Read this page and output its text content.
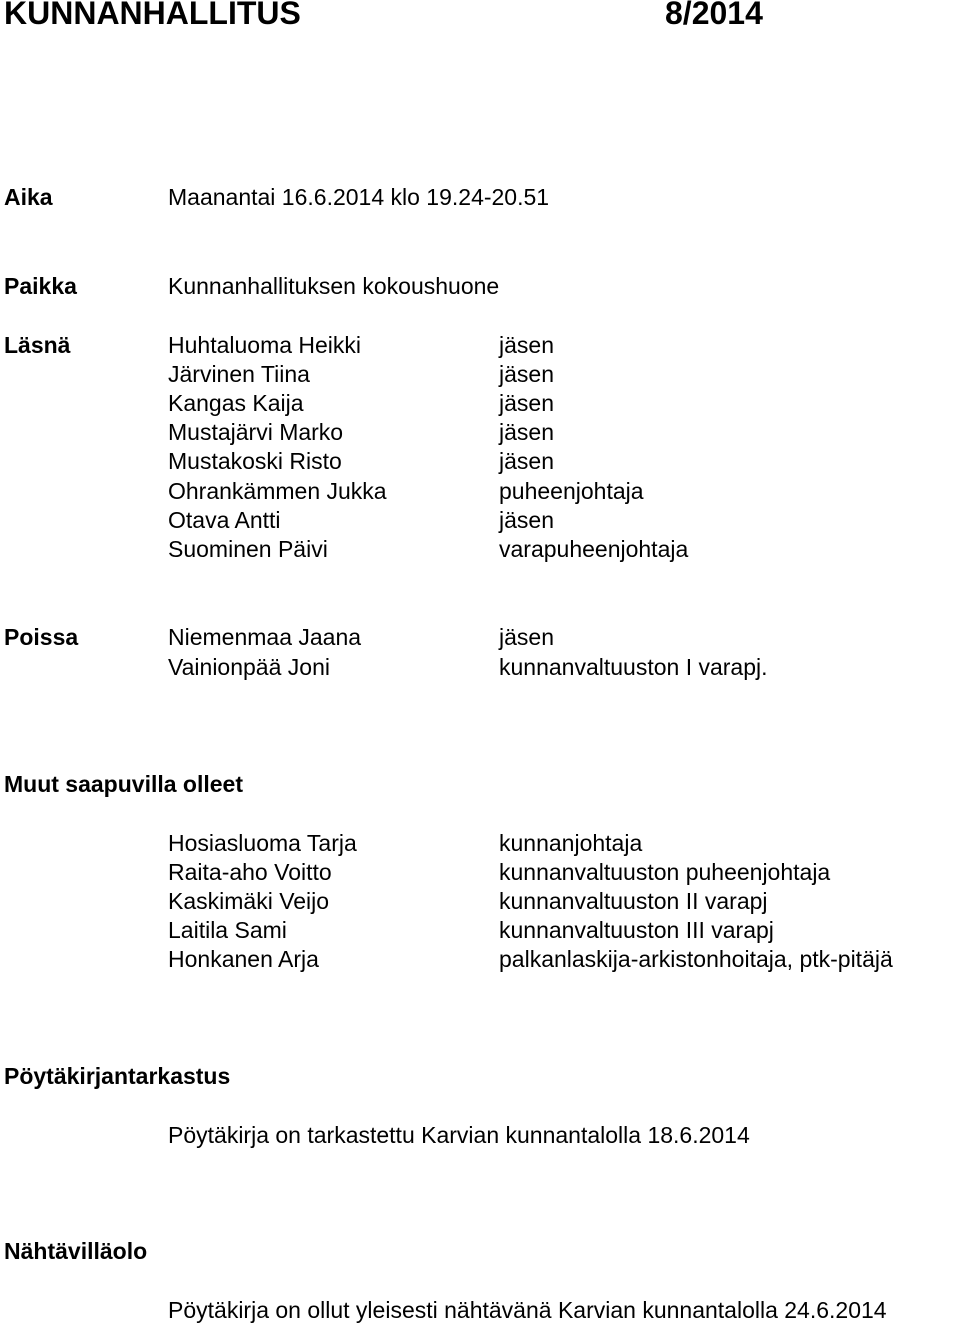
KUNNANHALLITUS	8/2014
Aika	Maanantai 16.6.2014 klo 19.24-20.51
Paikka	Kunnanhallituksen kokoushuone
Läsnä	Huhtaluoma Heikki	jäsen
Järvinen Tiina	jäsen
Kangas Kaija	jäsen
Mustajärvi Marko	jäsen
Mustakoski Risto	jäsen
Ohrankämmen Jukka	puheenjohtaja
Otava Antti	jäsen
Suominen Päivi	varapuheenjohtaja
Poissa	Niemenmaa Jaana	jäsen
Vainionpää Joni	kunnanvaltuuston I varapj.
Muut saapuvilla olleet
Hosiasluoma Tarja	kunnanjohtaja
Raita-aho Voitto	kunnanvaltuuston puheenjohtaja
Kaskimäki Veijo	kunnanvaltuuston II varapj
Laitila Sami	kunnanvaltuuston III varapj
Honkanen Arja	palkanlaskija-arkistonhoitaja, ptk-pitäjä
Pöytäkirjantarkastus
Pöytäkirja on tarkastettu Karvian kunnantalolla 18.6.2014
Nähtävilläolo
Pöytäkirja on ollut yleisesti nähtävänä Karvian kunnantalolla 24.6.2014
